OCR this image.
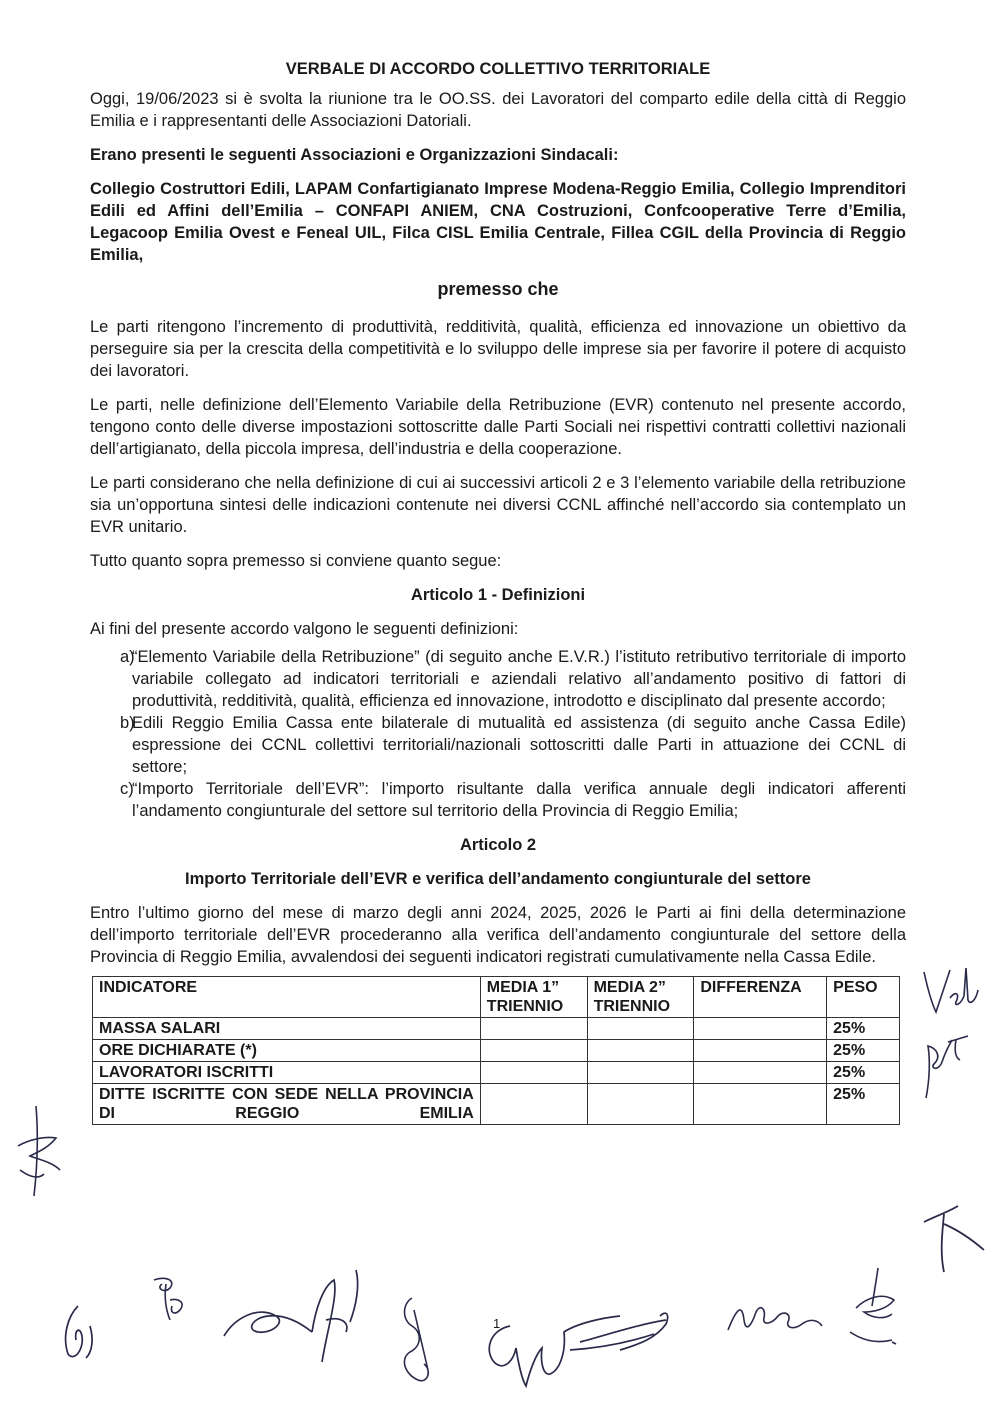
VERBALE DI ACCORDO COLLETTIVO TERRITORIALE

Oggi, 19/06/2023 si è svolta la riunione tra le OO.SS. dei Lavoratori del comparto edile della città di Reggio Emilia e i rappresentanti delle Associazioni Datoriali.

Erano presenti le seguenti Associazioni e Organizzazioni Sindacali:

Collegio Costruttori Edili, LAPAM Confartigianato Imprese Modena-Reggio Emilia, Collegio Imprenditori Edili ed Affini dell’Emilia – CONFAPI ANIEM, CNA Costruzioni, Confcooperative Terre d’Emilia, Legacoop Emilia Ovest e Feneal UIL, Filca CISL Emilia Centrale, Fillea CGIL della Provincia di Reggio Emilia,

premesso che

Le parti ritengono l’incremento di produttività, redditività, qualità, efficienza ed innovazione un obiettivo da perseguire sia per la crescita della competitività e lo sviluppo delle imprese sia per favorire il potere di acquisto dei lavoratori.

Le parti, nelle definizione dell’Elemento Variabile della Retribuzione (EVR) contenuto nel presente accordo, tengono conto delle diverse impostazioni sottoscritte dalle Parti Sociali nei rispettivi contratti collettivi nazionali dell’artigianato, della piccola impresa, dell’industria e della cooperazione.

Le parti considerano che nella definizione di cui ai successivi articoli 2 e 3 l’elemento variabile della retribuzione sia un’opportuna sintesi delle indicazioni contenute nei diversi CCNL affinché nell’accordo sia contemplato un EVR unitario.

Tutto quanto sopra premesso si conviene quanto segue:

Articolo 1 - Definizioni

Ai fini del presente accordo valgono le seguenti definizioni:

a)
“Elemento Variabile della Retribuzione” (di seguito anche E.V.R.) l’istituto retributivo territoriale di importo variabile collegato ad indicatori territoriali e aziendali relativo all’andamento positivo di fattori di produttività, redditività, qualità, efficienza ed innovazione, introdotto e disciplinato dal presente accordo;
b)
Edili Reggio Emilia Cassa ente bilaterale di mutualità ed assistenza (di seguito anche Cassa Edile) espressione dei CCNL collettivi territoriali/nazionali sottoscritti dalle Parti in attuazione dei CCNL di settore;
c)
“Importo Territoriale dell’EVR”: l’importo risultante dalla verifica annuale degli indicatori afferenti l’andamento congiunturale del settore sul territorio della Provincia di Reggio Emilia;
Articolo 2
Importo Territoriale dell’EVR e verifica dell’andamento congiunturale del settore

Entro l’ultimo giorno del mese di marzo degli anni 2024, 2025, 2026 le Parti ai fini della determinazione dell’importo territoriale dell’EVR procederanno alla verifica dell’andamento congiunturale del settore della Provincia di Reggio Emilia, avvalendosi dei seguenti indicatori registrati cumulativamente nella Cassa Edile.

INDICATORE	MEDIA 1” TRIENNIO	MEDIA 2” TRIENNIO	DIFFERENZA	PESO
MASSA SALARI				25%
ORE DICHIARATE (*)				25%
LAVORATORI ISCRITTI				25%
DITTE ISCRITTE CON SEDE NELLA PROVINCIA DI REGGIO EMILIA				25%
1
